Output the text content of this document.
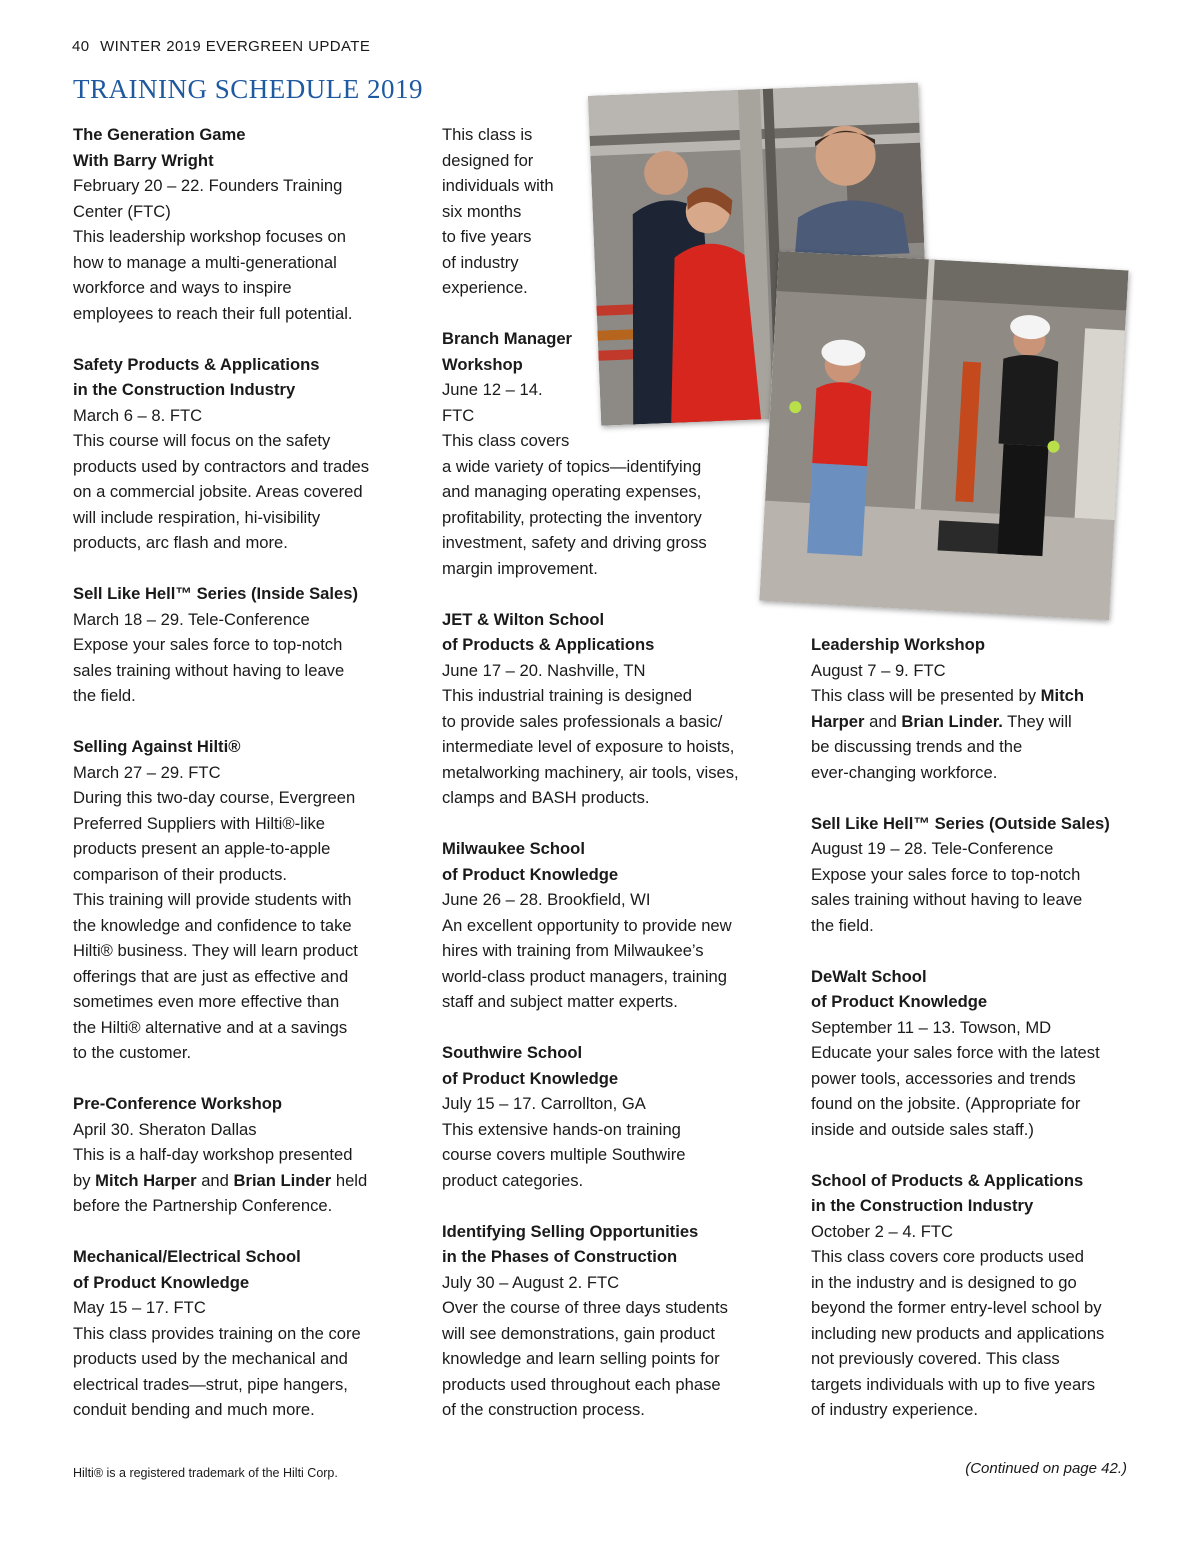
40 WINTER 2019 EVERGREEN UPDATE
TRAINING SCHEDULE 2019

The Generation Game
With Barry Wright
February 20 – 22. Founders Training
Center (FTC)
This leadership workshop focuses on
how to manage a multi-generational
workforce and ways to inspire
employees to reach their full potential.

Safety Products & Applications
in the Construction Industry
March 6 – 8. FTC
This course will focus on the safety
products used by contractors and trades
on a commercial jobsite. Areas covered
will include respiration, hi-visibility
products, arc flash and more.

Sell Like Hell™ Series (Inside Sales)
March 18 – 29. Tele-Conference
Expose your sales force to top-notch
sales training without having to leave
the field.

Selling Against Hilti®
March 27 – 29. FTC
During this two-day course, Evergreen
Preferred Suppliers with Hilti®-like
products present an apple-to-apple
comparison of their products.
This training will provide students with
the knowledge and confidence to take
Hilti® business. They will learn product
offerings that are just as effective and
sometimes even more effective than
the Hilti® alternative and at a savings
to the customer.

Pre-Conference Workshop
April 30. Sheraton Dallas
This is a half-day workshop presented
by Mitch Harper and Brian Linder held
before the Partnership Conference.

Mechanical/Electrical School
of Product Knowledge
May 15 – 17. FTC
This class provides training on the core
products used by the mechanical and
electrical trades—strut, pipe hangers,
conduit bending and much more.

This class is
designed for
individuals with
six months
to five years
of industry
experience.

Branch Manager
Workshop
June 12 – 14.
FTC
This class covers
a wide variety of topics—identifying
and managing operating expenses,
profitability, protecting the inventory
investment, safety and driving gross
margin improvement.

JET & Wilton School
of Products & Applications
June 17 – 20. Nashville, TN
This industrial training is designed
to provide sales professionals a basic/
intermediate level of exposure to hoists,
metalworking machinery, air tools, vises,
clamps and BASH products.

Milwaukee School
of Product Knowledge
June 26 – 28. Brookfield, WI
An excellent opportunity to provide new
hires with training from Milwaukee’s
world-class product managers, training
staff and subject matter experts.

Southwire School
of Product Knowledge
July 15 – 17. Carrollton, GA
This extensive hands-on training
course covers multiple Southwire
product categories.

Identifying Selling Opportunities
in the Phases of Construction
July 30 – August 2. FTC
Over the course of three days students
will see demonstrations, gain product
knowledge and learn selling points for
products used throughout each phase
of the construction process.

Leadership Workshop
August 7 – 9. FTC
This class will be presented by Mitch
Harper and Brian Linder. They will
be discussing trends and the
ever-changing workforce.

Sell Like Hell™ Series (Outside Sales)
August 19 – 28. Tele-Conference
Expose your sales force to top-notch
sales training without having to leave
the field.

DeWalt School
of Product Knowledge
September 11 – 13. Towson, MD
Educate your sales force with the latest
power tools, accessories and trends
found on the jobsite. (Appropriate for
inside and outside sales staff.)

School of Products & Applications
in the Construction Industry
October 2 – 4. FTC
This class covers core products used
in the industry and is designed to go
beyond the former entry-level school by
including new products and applications
not previously covered. This class
targets individuals with up to five years
of industry experience.

Hilti® is a registered trademark of the Hilti Corp.	(Continued on page 42.)
